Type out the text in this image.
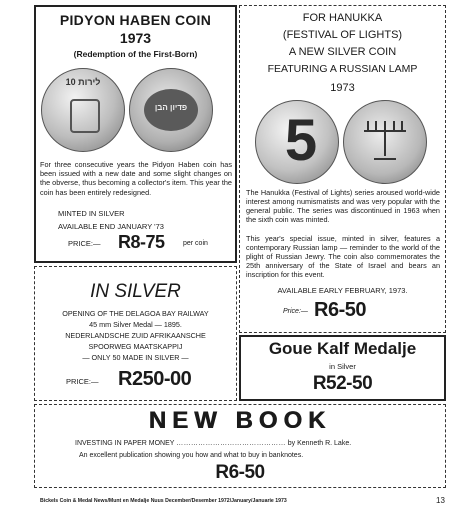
PIDYON HABEN COIN
1973
(Redemption of the First-Born)
10 לירות
פדיון הבן
For three consecutive years the Pidyon Haben coin has been issued with a new date and some slight changes on the obverse, thus becoming a collector's item. This year the coin has been entirely redesigned.
MINTED IN SILVER
AVAILABLE END JANUARY '73
PRICE:— R8-75	per coin
FOR HANUKKA
(FESTIVAL OF LIGHTS)
A NEW SILVER COIN
FEATURING A RUSSIAN LAMP
1973
5
The Hanukka (Festival of Lights) series aroused world-wide interest among numismatists and was very popular with the general public. The series was discontinued in 1963 when the sixth coin was minted.
This year's special issue, minted in silver, features a contemporary Russian lamp — reminder to the world of the plight of Russian Jewry. The coin also commemorates the 25th anniversary of the State of Israel and bears an inscription for this event.
AVAILABLE EARLY FEBRUARY, 1973.
Price:— R6-50
IN SILVER
OPENING OF THE DELAGOA BAY RAILWAY
45 mm Silver Medal — 1895.
NEDERLANDSCHE ZUID AFRIKAANSCHE
SPOORWEG MAATSKAPPIJ
— ONLY 50 MADE IN SILVER —
PRICE:— R250-00
Goue Kalf Medalje
in Silver
R52-50
NEW BOOK
INVESTING IN PAPER MONEY ……………………………………… by Kenneth R. Lake.
An excellent publication showing you how and what to buy in banknotes.
R6-50
Bickels Coin & Medal News/Munt en Medalje Nuus December/Desember 1972/January/Januarie 1973	13
